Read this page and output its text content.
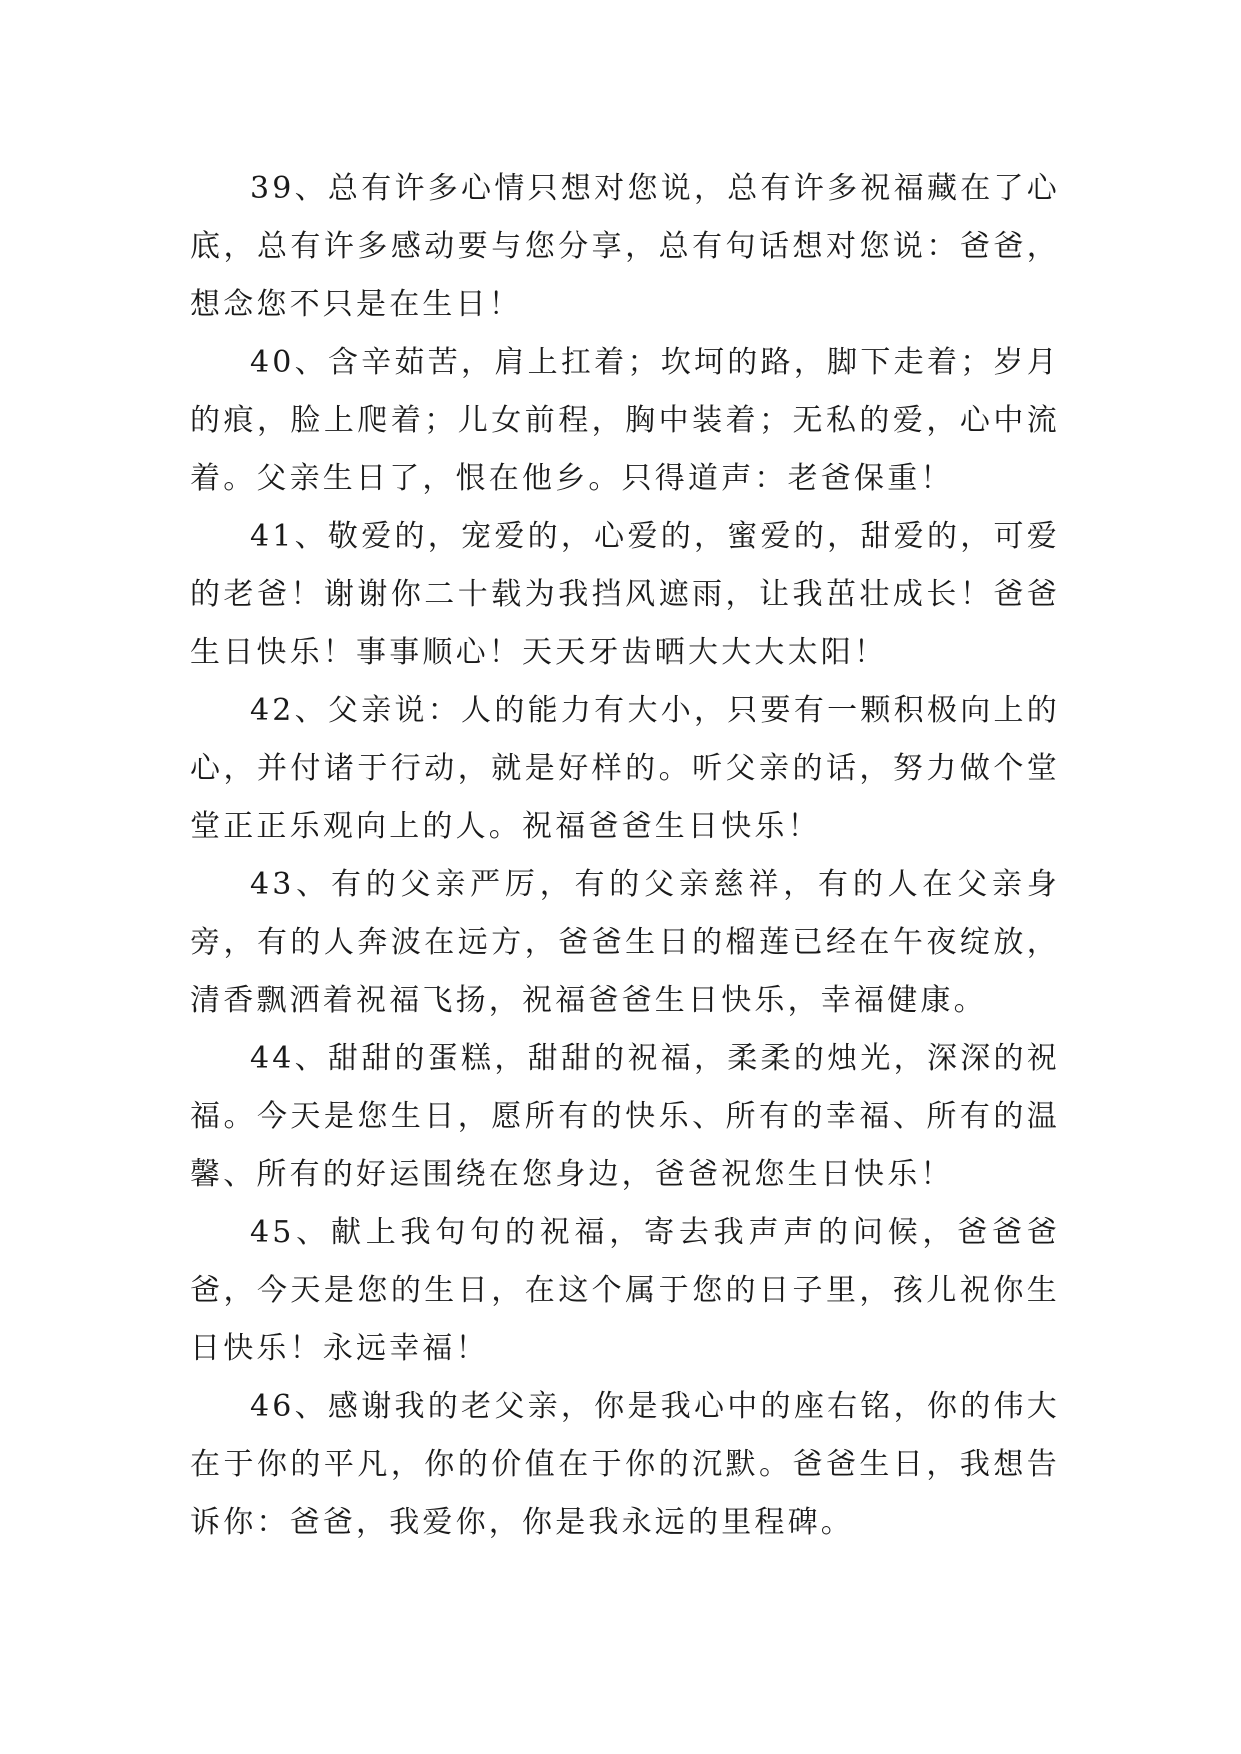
39、总有许多心情只想对您说，总有许多祝福藏在了心底，总有许多感动要与您分享，总有句话想对您说：爸爸，想念您不只是在生日！

40、含辛茹苦，肩上扛着；坎坷的路，脚下走着；岁月的痕，脸上爬着；儿女前程，胸中装着；无私的爱，心中流着。父亲生日了，恨在他乡。只得道声：老爸保重！

41、敬爱的，宠爱的，心爱的，蜜爱的，甜爱的，可爱的老爸！谢谢你二十载为我挡风遮雨，让我茁壮成长！爸爸生日快乐！事事顺心！天天牙齿晒大大大太阳！

42、父亲说：人的能力有大小，只要有一颗积极向上的心，并付诸于行动，就是好样的。听父亲的话，努力做个堂堂正正乐观向上的人。祝福爸爸生日快乐！

43、有的父亲严厉，有的父亲慈祥，有的人在父亲身旁，有的人奔波在远方，爸爸生日的榴莲已经在午夜绽放，清香飘洒着祝福飞扬，祝福爸爸生日快乐，幸福健康。

44、甜甜的蛋糕，甜甜的祝福，柔柔的烛光，深深的祝福。今天是您生日，愿所有的快乐、所有的幸福、所有的温馨、所有的好运围绕在您身边，爸爸祝您生日快乐！

45、献上我句句的祝福，寄去我声声的问候，爸爸爸爸，今天是您的生日，在这个属于您的日子里，孩儿祝你生日快乐！永远幸福！

46、感谢我的老父亲，你是我心中的座右铭，你的伟大在于你的平凡，你的价值在于你的沉默。爸爸生日，我想告诉你：爸爸，我爱你，你是我永远的里程碑。
